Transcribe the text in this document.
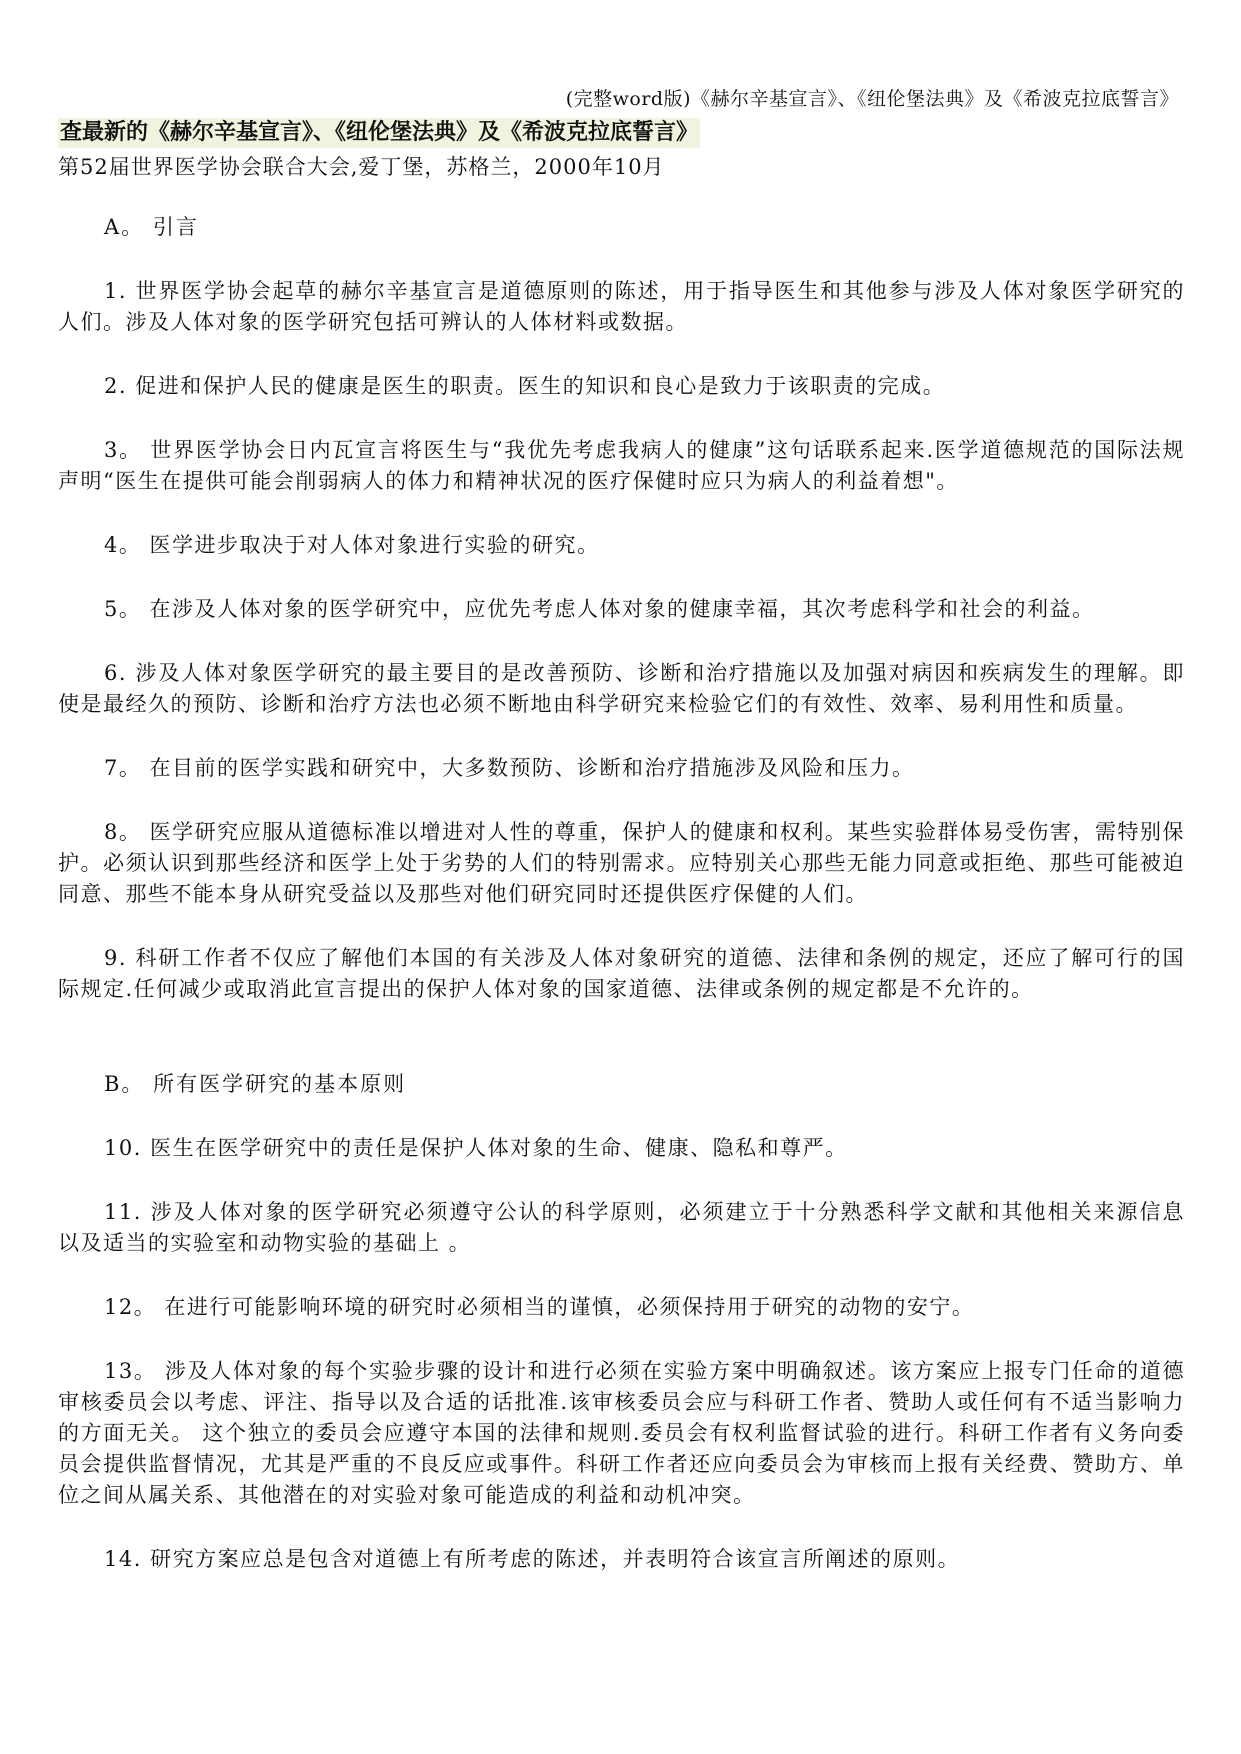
(完整word版)《赫尔辛基宣言》、《纽伦堡法典》及《希波克拉底誓言》
查最新的《赫尔辛基宣言》、《纽伦堡法典》及《希波克拉底誓言》
第52届世界医学协会联合大会,爱丁堡，苏格兰，2000年10月
A。 引言
1. 世界医学协会起草的赫尔辛基宣言是道德原则的陈述，用于指导医生和其他参与涉及人体对象医学研究的人们。涉及人体对象的医学研究包括可辨认的人体材料或数据。
2. 促进和保护人民的健康是医生的职责。医生的知识和良心是致力于该职责的完成。
3。 世界医学协会日内瓦宣言将医生与“我优先考虑我病人的健康”这句话联系起来.医学道德规范的国际法规声明“医生在提供可能会削弱病人的体力和精神状况的医疗保健时应只为病人的利益着想"。
4。 医学进步取决于对人体对象进行实验的研究。
5。 在涉及人体对象的医学研究中，应优先考虑人体对象的健康幸福，其次考虑科学和社会的利益。
6. 涉及人体对象医学研究的最主要目的是改善预防、诊断和治疗措施以及加强对病因和疾病发生的理解。即使是最经久的预防、诊断和治疗方法也必须不断地由科学研究来检验它们的有效性、效率、易利用性和质量。
7。 在目前的医学实践和研究中，大多数预防、诊断和治疗措施涉及风险和压力。
8。 医学研究应服从道德标准以增进对人性的尊重，保护人的健康和权利。某些实验群体易受伤害，需特别保护。必须认识到那些经济和医学上处于劣势的人们的特别需求。应特别关心那些无能力同意或拒绝、那些可能被迫同意、那些不能本身从研究受益以及那些对他们研究同时还提供医疗保健的人们。
9. 科研工作者不仅应了解他们本国的有关涉及人体对象研究的道德、法律和条例的规定，还应了解可行的国际规定.任何减少或取消此宣言提出的保护人体对象的国家道德、法律或条例的规定都是不允许的。
B。 所有医学研究的基本原则
10. 医生在医学研究中的责任是保护人体对象的生命、健康、隐私和尊严。
11. 涉及人体对象的医学研究必须遵守公认的科学原则，必须建立于十分熟悉科学文献和其他相关来源信息以及适当的实验室和动物实验的基础上 。
12。 在进行可能影响环境的研究时必须相当的谨慎，必须保持用于研究的动物的安宁。
13。 涉及人体对象的每个实验步骤的设计和进行必须在实验方案中明确叙述。该方案应上报专门任命的道德审核委员会以考虑、评注、指导以及合适的话批准.该审核委员会应与科研工作者、赞助人或任何有不适当影响力的方面无关。 这个独立的委员会应遵守本国的法律和规则.委员会有权利监督试验的进行。科研工作者有义务向委员会提供监督情况，尤其是严重的不良反应或事件。科研工作者还应向委员会为审核而上报有关经费、赞助方、单位之间从属关系、其他潜在的对实验对象可能造成的利益和动机冲突。
14. 研究方案应总是包含对道德上有所考虑的陈述，并表明符合该宣言所阐述的原则。
